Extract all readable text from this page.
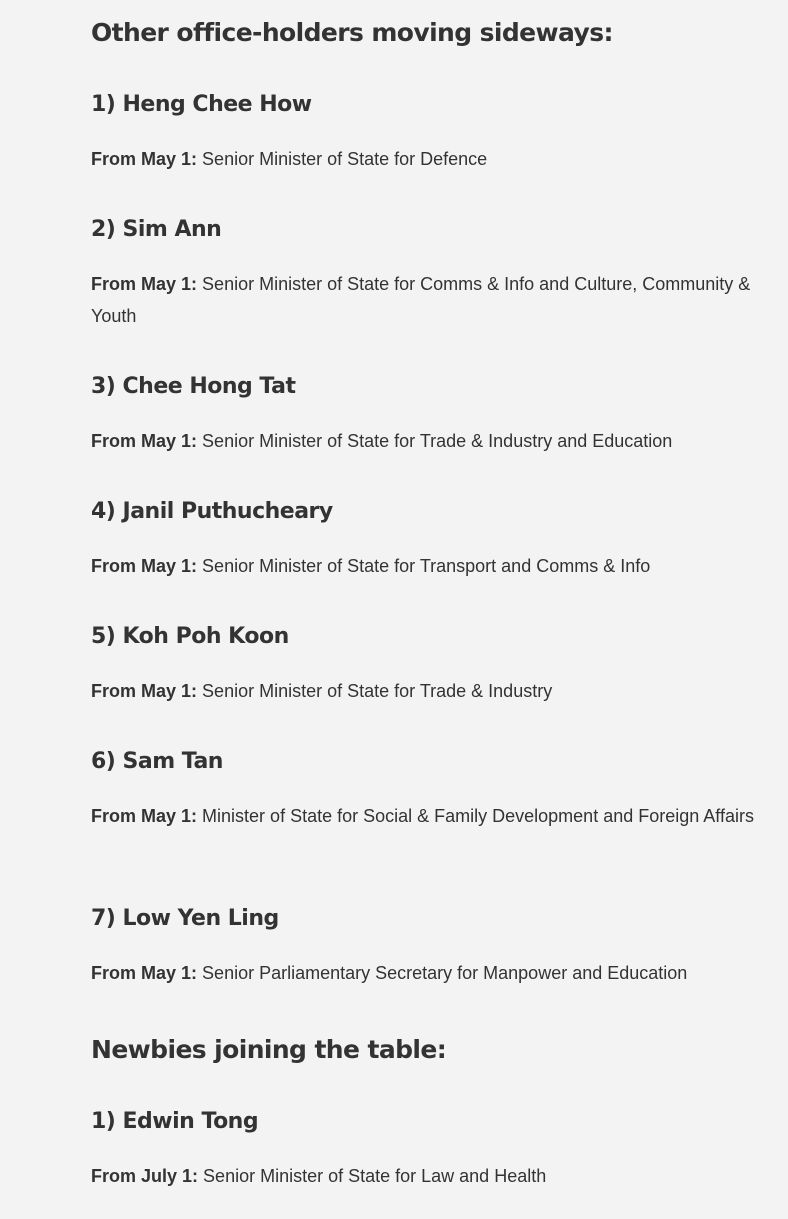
Other office-holders moving sideways:
1) Heng Chee How

From May 1: Senior Minister of State for Defence

2) Sim Ann

From May 1: Senior Minister of State for Comms & Info and Culture, Community & Youth

3) Chee Hong Tat

From May 1: Senior Minister of State for Trade & Industry and Education

4) Janil Puthucheary

From May 1: Senior Minister of State for Transport and Comms & Info

5) Koh Poh Koon

From May 1: Senior Minister of State for Trade & Industry

6) Sam Tan

From May 1: Minister of State for Social & Family Development and Foreign Affairs

7) Low Yen Ling

From May 1: Senior Parliamentary Secretary for Manpower and Education

Newbies joining the table:
1) Edwin Tong

From July 1: Senior Minister of State for Law and Health
